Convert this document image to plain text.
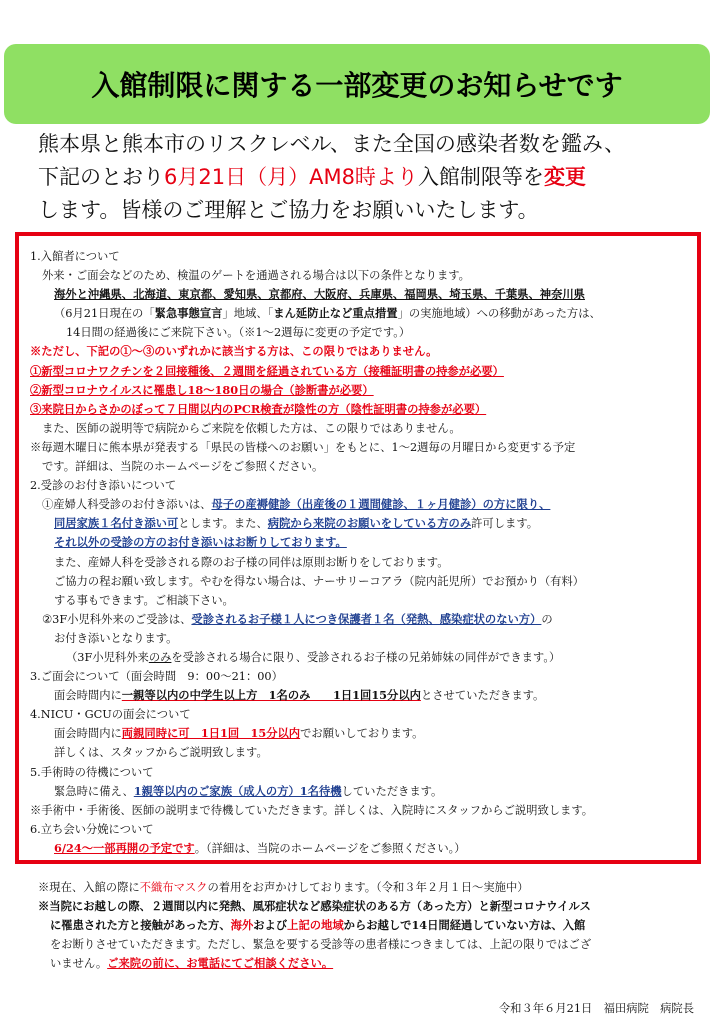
入館制限に関する一部変更のお知らせです
熊本県と熊本市のリスクレベル、また全国の感染者数を鑑み、
下記のとおり6月21日（月）AM8時より入館制限等を変更
します。皆様のご理解とご協力をお願いいたします。
1.入館者について
外来・ご面会などのため、検温のゲートを通過される場合は以下の条件となります。
海外と沖縄県、北海道、東京都、愛知県、京都府、大阪府、兵庫県、福岡県、埼玉県、千葉県、神奈川県
（6月21日現在の「緊急事態宣言」地域、「まん延防止など重点措置」の実施地域）への移動があった方は、
14日間の経過後にご来院下さい。（※1〜2週毎に変更の予定です。）
※ただし、下記の①〜③のいずれかに該当する方は、この限りではありません。
①新型コロナワクチンを２回接種後、２週間を経過されている方（接種証明書の持参が必要）
②新型コロナウイルスに罹患し18〜180日の場合（診断書が必要）
③来院日からさかのぼって７日間以内のPCR検査が陰性の方（陰性証明書の持参が必要）
また、医師の説明等で病院からご来院を依頼した方は、この限りではありません。
※毎週木曜日に熊本県が発表する「県民の皆様へのお願い」をもとに、1〜2週毎の月曜日から変更する予定
です。詳細は、当院のホームページをご参照ください。
2.受診のお付き添いについて
①産婦人科受診のお付き添いは、母子の産褥健診（出産後の１週間健診、１ヶ月健診）の方に限り、
同居家族１名付き添い可とします。また、病院から来院のお願いをしている方のみ許可します。
それ以外の受診の方のお付き添いはお断りしております。
また、産婦人科を受診される際のお子様の同伴は原則お断りをしております。
ご協力の程お願い致します。やむを得ない場合は、ナーサリーコアラ（院内託児所）でお預かり（有料）
する事もできます。ご相談下さい。
②3F小児科外来のご受診は、受診されるお子様１人につき保護者１名（発熱、感染症状のない方）の
お付き添いとなります。
（3F小児科外来のみを受診される場合に限り、受診されるお子様の兄弟姉妹の同伴ができます。）
3.ご面会について（面会時間　9：00〜21：00）
面会時間内に一親等以内の中学生以上方　1名のみ　　1日1回15分以内とさせていただきます。
4.NICU・GCUの面会について
面会時間内に両親同時に可　1日1回　15分以内でお願いしております。
詳しくは、スタッフからご説明致します。
5.手術時の待機について
緊急時に備え、1親等以内のご家族（成人の方）1名待機していただきます。
※手術中・手術後、医師の説明まで待機していただきます。詳しくは、入院時にスタッフからご説明致します。
6.立ち会い分娩について
6/24〜一部再開の予定です。（詳細は、当院のホームページをご参照ください。）
※現在、入館の際に不織布マスクの着用をお声かけしております。（令和３年２月１日〜実施中）
※当院にお越しの際、２週間以内に発熱、風邪症状など感染症状のある方（あった方）と新型コロナウイルス
に罹患された方と接触があった方、海外および上記の地域からお越しで14日間経過していない方は、入館
をお断りさせていただきます。ただし、緊急を要する受診等の患者様につきましては、上記の限りではござ
いません。ご来院の前に、お電話にてご相談ください。
令和３年６月21日　福田病院　病院長
